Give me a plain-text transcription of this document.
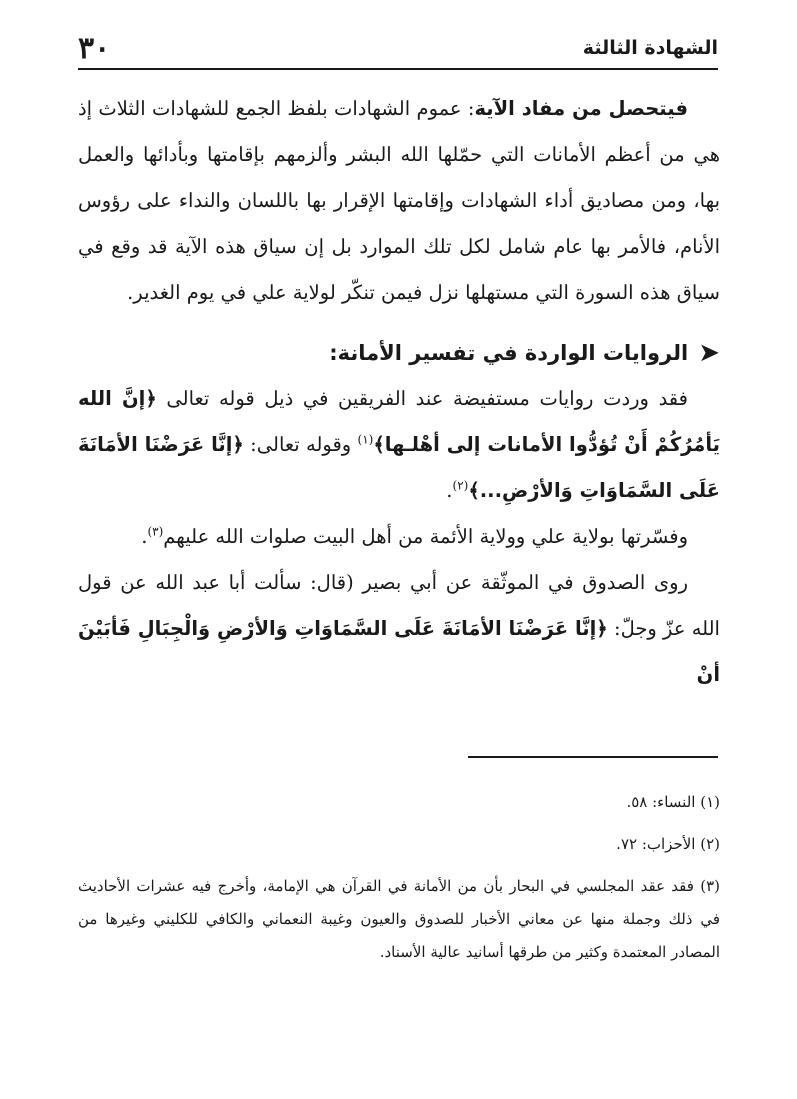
٣٠	الشهادة الثالثة

فيتحصل من مفاد الآية: عموم الشهادات بلفظ الجمع للشهادات الثلاث إذ هي من أعظم الأمانات التي حمّلها الله البشر وألزمهم بإقامتها وبأدائها والعمل بها، ومن مصاديق أداء الشهادات وإقامتها الإقرار بها باللسان والنداء على رؤوس الأنام، فالأمر بها عام شامل لكل تلك الموارد بل إن سياق هذه الآية قد وقع في سياق هذه السورة التي مستهلها نزل فيمن تنكّر لولاية علي في يوم الغدير.

➤
الروايات الواردة في تفسير الأمانة:

فقد وردت روايات مستفيضة عند الفريقين في ذيل قوله تعالى ﴿إنَّ الله يَأمُرُكُمْ أَنْ تُؤدُّوا الأمانات إلى أهْلـها﴾$^{(١)}$ وقوله تعالى: ﴿إنَّا عَرَضْنَا الأمَانَةَ عَلَى السَّمَاوَاتِ وَالأرْضِ...﴾$^{(٢)}$.

وفسّرتها بولاية علي وولاية الأئمة من أهل البيت صلوات الله عليهم$^{(٣)}$.

روى الصدوق في الموثّقة عن أبي بصير (قال: سألت أبا عبد الله عن قول الله عزّ وجلّ: ﴿إنَّا عَرَضْنَا الأمَانَةَ عَلَى السَّمَاوَاتِ وَالأرْضِ وَالْجِبَالِ فَأبَيْنَ أنْ

(١) النساء: ٥٨.

(٢) الأحزاب: ٧٢.

(٣) فقد عقد المجلسي في البحار بأن من الأمانة في القرآن هي الإمامة، وأخرج فيه عشرات الأحاديث في ذلك وجملة منها عن معاني الأخبار للصدوق والعيون وغيبة النعماني والكافي للكليني وغيرها من المصادر المعتمدة وكثير من طرقها أسانيد عالية الأسناد.
